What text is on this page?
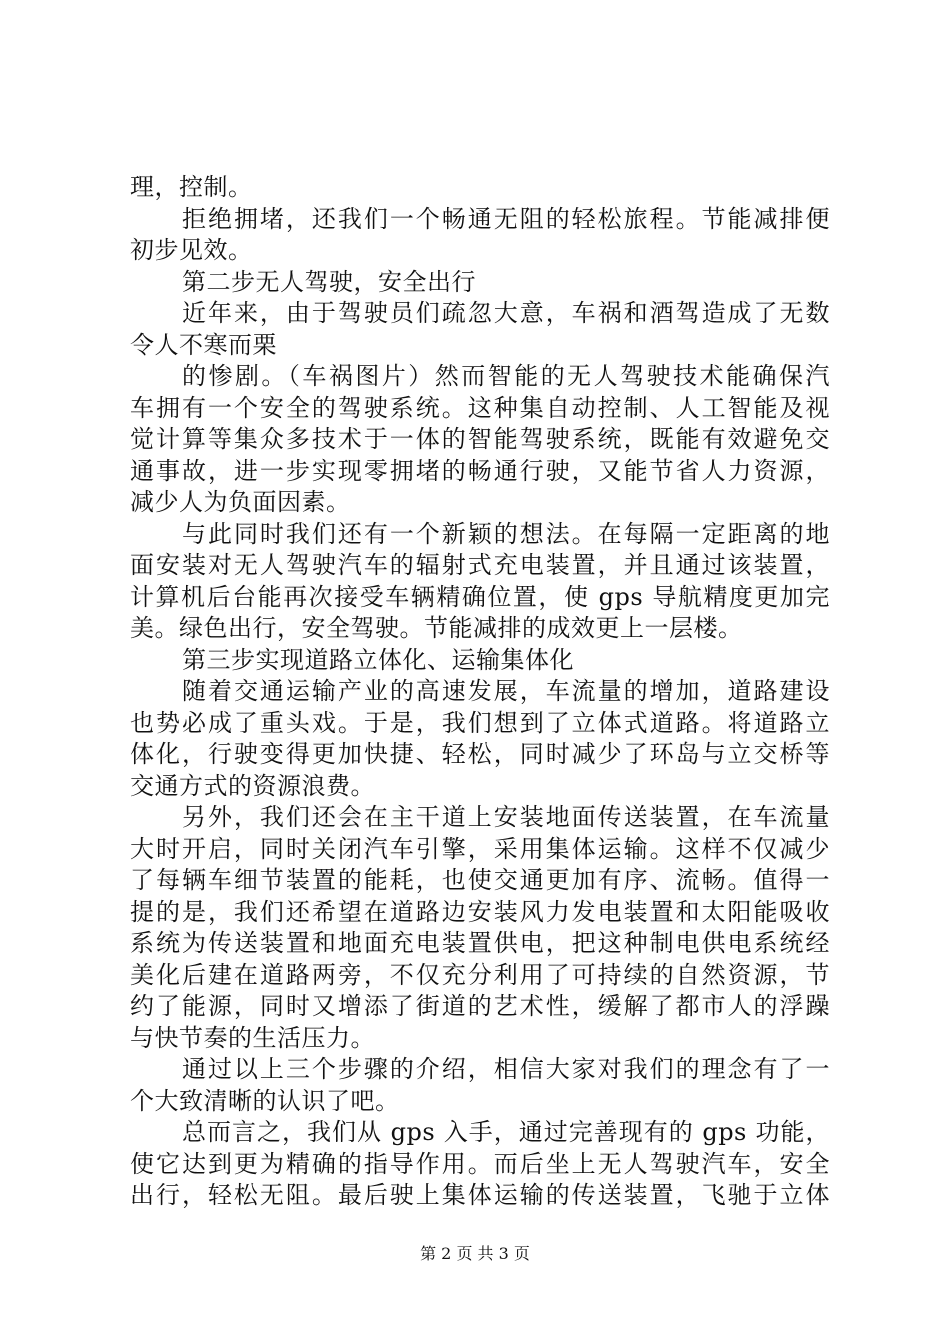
理，控制。
拒绝拥堵，还我们一个畅通无阻的轻松旅程。节能减排便
初步见效。
第二步无人驾驶，安全出行
近年来，由于驾驶员们疏忽大意，车祸和酒驾造成了无数
令人不寒而栗
的惨剧。（车祸图片）然而智能的无人驾驶技术能确保汽
车拥有一个安全的驾驶系统。这种集自动控制、人工智能及视
觉计算等集众多技术于一体的智能驾驶系统，既能有效避免交
通事故，进一步实现零拥堵的畅通行驶，又能节省人力资源，
减少人为负面因素。
与此同时我们还有一个新颖的想法。在每隔一定距离的地
面安装对无人驾驶汽车的辐射式充电装置，并且通过该装置，
计算机后台能再次接受车辆精确位置，使 gps 导航精度更加完
美。绿色出行，安全驾驶。节能减排的成效更上一层楼。
第三步实现道路立体化、运输集体化
随着交通运输产业的高速发展，车流量的增加，道路建设
也势必成了重头戏。于是，我们想到了立体式道路。将道路立
体化，行驶变得更加快捷、轻松，同时减少了环岛与立交桥等
交通方式的资源浪费。
另外，我们还会在主干道上安装地面传送装置，在车流量
大时开启，同时关闭汽车引擎，采用集体运输。这样不仅减少
了每辆车细节装置的能耗，也使交通更加有序、流畅。值得一
提的是，我们还希望在道路边安装风力发电装置和太阳能吸收
系统为传送装置和地面充电装置供电，把这种制电供电系统经
美化后建在道路两旁，不仅充分利用了可持续的自然资源，节
约了能源，同时又增添了街道的艺术性，缓解了都市人的浮躁
与快节奏的生活压力。
通过以上三个步骤的介绍，相信大家对我们的理念有了一
个大致清晰的认识了吧。
总而言之，我们从 gps 入手，通过完善现有的 gps 功能，
使它达到更为精确的指导作用。而后坐上无人驾驶汽车，安全
出行，轻松无阻。最后驶上集体运输的传送装置，飞驰于立体
第 2 页 共 3 页
